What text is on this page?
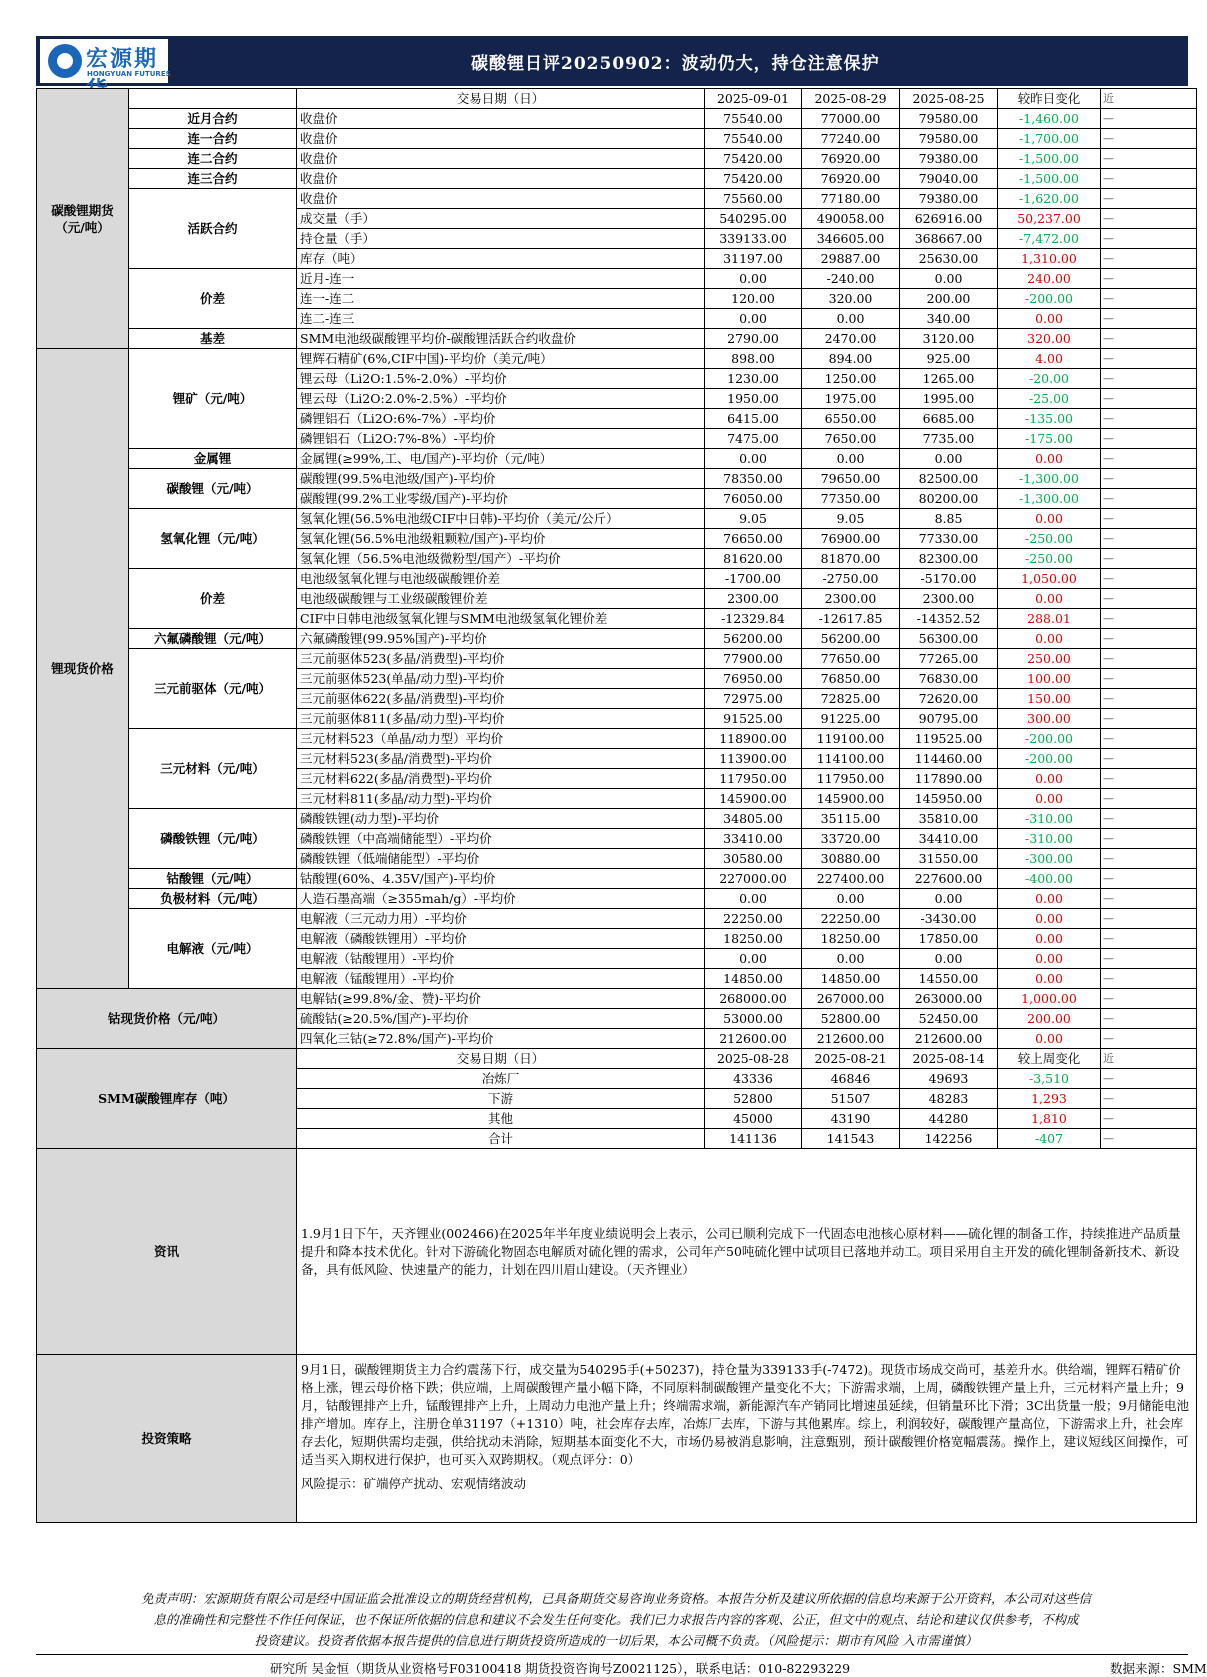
宏源期
HONGYUAN FUTURES	碳酸锂日评20250902：波动仍大，持仓注意保护
碳酸锂期货（元/吨）		交易日期（日）	2025-09-01	2025-08-29	2025-08-25	较昨日变化	近
	近月合约	收盘价	75540.00	77000.00	79580.00	-1,460.00	—
	连一合约	收盘价	75540.00	77240.00	79580.00	-1,700.00	—
	连二合约	收盘价	75420.00	76920.00	79380.00	-1,500.00	—
	连三合约	收盘价	75420.00	76920.00	79040.00	-1,500.00	—
	活跃合约	收盘价	75560.00	77180.00	79380.00	-1,620.00	—
		成交量（手）	540295.00	490058.00	626916.00	50,237.00	—
		持仓量（手）	339133.00	346605.00	368667.00	-7,472.00	—
		库存（吨）	31197.00	29887.00	25630.00	1,310.00	—
	价差	近月-连一	0.00	-240.00	0.00	240.00	—
		连一-连二	120.00	320.00	200.00	-200.00	—
		连二-连三	0.00	0.00	340.00	0.00	—
	基差	SMM电池级碳酸锂平均价-碳酸锂活跃合约收盘价	2790.00	2470.00	3120.00	320.00	—
锂现货价格	锂矿（元/吨）	锂辉石精矿(6%,CIF中国)-平均价（美元/吨）	898.00	894.00	925.00	4.00	—
		锂云母（Li2O:1.5%-2.0%）-平均价	1230.00	1250.00	1265.00	-20.00	—
		锂云母（Li2O:2.0%-2.5%）-平均价	1950.00	1975.00	1995.00	-25.00	—
		磷锂铝石（Li2O:6%-7%）-平均价	6415.00	6550.00	6685.00	-135.00	—
		磷锂铝石（Li2O:7%-8%）-平均价	7475.00	7650.00	7735.00	-175.00	—
	金属锂	金属锂(≥99%,工、电/国产)-平均价（元/吨）	0.00	0.00	0.00	0.00	—
	碳酸锂（元/吨）	碳酸锂(99.5%电池级/国产)-平均价	78350.00	79650.00	82500.00	-1,300.00	—
		碳酸锂(99.2%工业零级/国产)-平均价	76050.00	77350.00	80200.00	-1,300.00	—
	氢氧化锂（元/吨）	氢氧化锂(56.5%电池级CIF中日韩)-平均价（美元/公斤）	9.05	9.05	8.85	0.00	—
		氢氧化锂(56.5%电池级粗颗粒/国产)-平均价	76650.00	76900.00	77330.00	-250.00	—
		氢氧化锂（56.5%电池级微粉型/国产）-平均价	81620.00	81870.00	82300.00	-250.00	—
	价差	电池级氢氧化锂与电池级碳酸锂价差	-1700.00	-2750.00	-5170.00	1,050.00	—
		电池级碳酸锂与工业级碳酸锂价差	2300.00	2300.00	2300.00	0.00	—
		CIF中日韩电池级氢氧化锂与SMM电池级氢氧化锂价差	-12329.84	-12617.85	-14352.52	288.01	—
	六氟磷酸锂（元/吨）	六氟磷酸锂(99.95%国产)-平均价	56200.00	56200.00	56300.00	0.00	—
	三元前驱体（元/吨）	三元前驱体523(多晶/消费型)-平均价	77900.00	77650.00	77265.00	250.00	—
		三元前驱体523(单晶/动力型)-平均价	76950.00	76850.00	76830.00	100.00	—
		三元前驱体622(多晶/消费型)-平均价	72975.00	72825.00	72620.00	150.00	—
		三元前驱体811(多晶/动力型)-平均价	91525.00	91225.00	90795.00	300.00	—
	三元材料（元/吨）	三元材料523（单晶/动力型）平均价	118900.00	119100.00	119525.00	-200.00	—
		三元材料523(多晶/消费型)-平均价	113900.00	114100.00	114460.00	-200.00	—
		三元材料622(多晶/消费型)-平均价	117950.00	117950.00	117890.00	0.00	—
		三元材料811(多晶/动力型)-平均价	145900.00	145900.00	145950.00	0.00	—
	磷酸铁锂（元/吨）	磷酸铁锂(动力型)-平均价	34805.00	35115.00	35810.00	-310.00	—
		磷酸铁锂（中高端储能型）-平均价	33410.00	33720.00	34410.00	-310.00	—
		磷酸铁锂（低端储能型）-平均价	30580.00	30880.00	31550.00	-300.00	—
	钴酸锂（元/吨）	钴酸锂(60%、4.35V/国产)-平均价	227000.00	227400.00	227600.00	-400.00	—
	负极材料（元/吨）	人造石墨高端（≥355mah/g）-平均价	0.00	0.00	0.00	0.00	—
	电解液（元/吨）	电解液（三元动力用）-平均价	22250.00	22250.00	-3430.00	0.00	—
		电解液（磷酸铁锂用）-平均价	18250.00	18250.00	17850.00	0.00	—
		电解液（钴酸锂用）-平均价	0.00	0.00	0.00	0.00	—
		电解液（锰酸锂用）-平均价	14850.00	14850.00	14550.00	0.00	—
钴现货价格（元/吨）		电解钴(≥99.8%/金、赞)-平均价	268000.00	267000.00	263000.00	1,000.00	—
		硫酸钴(≥20.5%/国产)-平均价	53000.00	52800.00	52450.00	200.00	—
		四氧化三钴(≥72.8%/国产)-平均价	212600.00	212600.00	212600.00	0.00	—
SMM碳酸锂库存（吨）		交易日期（日）	2025-08-28	2025-08-21	2025-08-14	较上周变化	近
		冶炼厂	43336	46846	49693	-3,510	—
		下游	52800	51507	48283	1,293	—
		其他	45000	43190	44280	1,810	—
		合计	141136	141543	142256	-407	—
资讯		1.9月1日下午，天齐锂业(002466)在2025年半年度业绩说明会上表示，公司已顺利完成下一代固态电池核心原材料——硫化锂的制备工作，持续推进产品质量提升和降本技术优化。针对下游硫化物固态电解质对硫化锂的需求，公司年产50吨硫化锂中试项目已落地并动工。项目采用自主开发的硫化锂制备新技术、新设备，具有低风险、快速量产的能力，计划在四川眉山建设。（天齐锂业）					
投资策略		9月1日，碳酸锂期货主力合约震荡下行，成交量为540295手(+50237)，持仓量为339133手(-7472)。现货市场成交尚可，基差升水。供给端，锂辉石精矿价格上涨，锂云母价格下跌；供应端，上周碳酸锂产量小幅下降，不同原料制碳酸锂产量变化不大；下游需求端，上周，磷酸铁锂产量上升，三元材料产量上升；9月，钴酸锂排产上升，锰酸锂排产上升，上周动力电池产量上升；终端需求端，新能源汽车产销同比增速虽延续，但销量环比下滑；3C出货量一般；9月储能电池排产增加。库存上，注册仓单31197（+1310）吨，社会库存去库，冶炼厂去库，下游与其他累库。综上，利润较好，碳酸锂产量高位，下游需求上升，社会库存去化，短期供需均走强，供给扰动未消除，短期基本面变化不大，市场仍易被消息影响，注意甄别，预计碳酸锂价格宽幅震荡。操作上，建议短线区间操作，可适当买入期权进行保护，也可买入双跨期权。（观点评分：0）
风险提示：矿端停产扰动、宏观情绪波动					
免责声明：宏源期货有限公司是经中国证监会批准设立的期货经营机构，已具备期货交易咨询业务资格。本报告分析及建议所依据的信息均来源于公开资料，本公司对这些信
息的准确性和完整性不作任何保证，也不保证所依据的信息和建议不会发生任何变化。我们已力求报告内容的客观、公正，但文中的观点、结论和建议仅供参考，不构成
投资建议。投资者依据本报告提供的信息进行期货投资所造成的一切后果，本公司概不负责。（风险提示：期市有风险 入市需谨慎）
研究所 吴金恒（期货从业资格号F03100418 期货投资咨询号Z0021125），联系电话：010-82293229	数据来源：SMM
